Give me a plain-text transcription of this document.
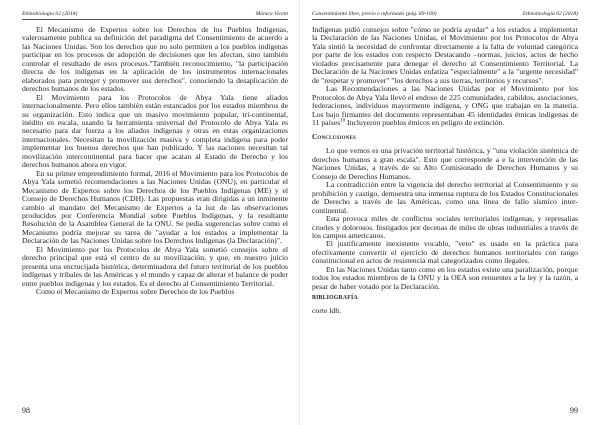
Ethnobiología 02 (2018)	Mónica Vicent

El Mecanismo de Expertos sobre los Derechos de los Pueblos Indígenas, valerosamente publica su definición del paradigma del Consentimiento de acuerdo a las Naciones Unidas. Son los derechos que no solo permiten a los pueblos indígenas participar en los procesos de adopción de decisiones que les afectan, sino también controlar el resultado de esos procesos."También reconocimiento, "la participación directa de los indígenas en la aplicación de los instrumentos internacionales elaborados para proteger y promover sus derechos". conociendo la desaplicación de derechos humanos de los estados.

El Movimiento para los Protocolos de Abya Yala tiene aliados internacionalmente. Pero ellos también están estancados por los estados miembros de su organización. Esto indica que un masivo movimiento popular, tri-continental, inédito en escala, usando la herramienta universal del Protocolo de Abya Yala es necesario para dar fuerza a los aliados indígenas y otras en estas organizaciones internacionales. Necesitan la movilización masiva y completa indígena para poder implementar los buenos derechos que han publicado. Y las naciones necesitan tal movilización intercontinental para hacer que acatan al Estado de Derecho y los derechos humanos ahora en vigor.

En su primer emprendimiento formal, 2016 el Movimiento para los Protocolos de Abya Yala sometió recomendaciones a las Naciones Unidas (ONU), en particular el Mecanismo de Expertos sobre los Derechos de los Pueblos Indígenas (ME) y el Consejo de Derechos Humanos (CDH). Las propuestas eran dirigidas a un inminente cambio al mandato del Mecanismo de Expertos a la luz de las observaciones producidos por Conferencia Mundial sobre Pueblos Indígenas, y la resultante Resolución de la Asamblea General de la ONU. Se pedía sugerencias sobre como el Mecanismo podría mejorar su tarea de "ayudar a los estados a implementar la Declaración de las Naciones Unidas sobre los Derechos Indígenas (la Declaración)".

El Movimiento por los Protocolos de Abya Yala sometió consejos sobre el derecho principal que está el centro de su movilización, y que, en nuestro juicio presenta una encrucijada histórica, determinadora del futuro territorial de los pueblos indígenas y tribales de las Américas y el mundo y capaz de alterar el balance de poder entre pueblos indígenas y los estados. Es el derecho al Consentimiento Territorial.

Como el Mecanismo de Expertos sobre Derechos de los Pueblos

98
Consentimiento libre, previo e informado (pág. 89-100)	Ethnobiología 02 (2018)

Indígenas pidió consejos sobre "cómo se podría ayudar" a los estados a implementar la Declaración de las Naciones Unidas, el Movimiento por los Protocolos de Abya Yala sintió la necesidad de confrontar directamente a la falta de voluntad categórica por parte de los estados con respecto Destacando –normas, juicios, actos de hecho violados precisamente para denegar el derecho al Consentimiento Territorial. La Declaración de la Naciones Unidas enfatiza "especialmente" a la "urgente necesidad" de "respetar y promover" "los derechos a sus tierras, territorios y recursos".

Las Recomendaciones a las Naciones Unidas por el Movimiento por los Protocolos de Abya Yala llevó el endoso de 225 comunidades, cabildos, asociaciones, federaciones, individuos mayormente indígena, y ONG que trabajan en la materia. Los bajo firmantes del documento representaban 45 identidades étnicas indígenas de 11 países$^{10}$ Incluyeron pueblos étnicos en peligro de extinción.

Conclusiones

Lo que vemos es una privación territorial histórica, y "una violación sistémica de derechos humanos a gran escala". Esto que corresponde a e la intervención de las Naciones Unidas, a través de su Alto Comisionado de Derechos Humanos y su Consejo de Derechos Humanos.

La contradicción entre la vigencia del derecho territorial al Consentimiento y su prohibición y castigo, demuestra una inmensa ruptura de los Estados Constitucionales de Derecho a través de las Américas, como una línea de fallo sísmico inter-continental.

Esta provoca miles de conflictos sociales territoriales indígenas, y represalias crueles y dolorosos. Instigados por decenas de miles de obras industriales a través de los campos americanos.

El justificamente inexistente vocablo, "veto" es usado en la práctica para efectivamente convertir el ejercicio de derechos humanos territoriales con rango constitucional en actos de resistencia mal categorizados como ilegales.

En las Naciones Unidas tanto como en los estados existe una paralización, porque todos los estados miembros de la ONU y la OEA son renuentes a la ley y la razón, a pesar de haber votado por la Declaración.

BIBLIOGRAFÍA

corte ldh.

99
